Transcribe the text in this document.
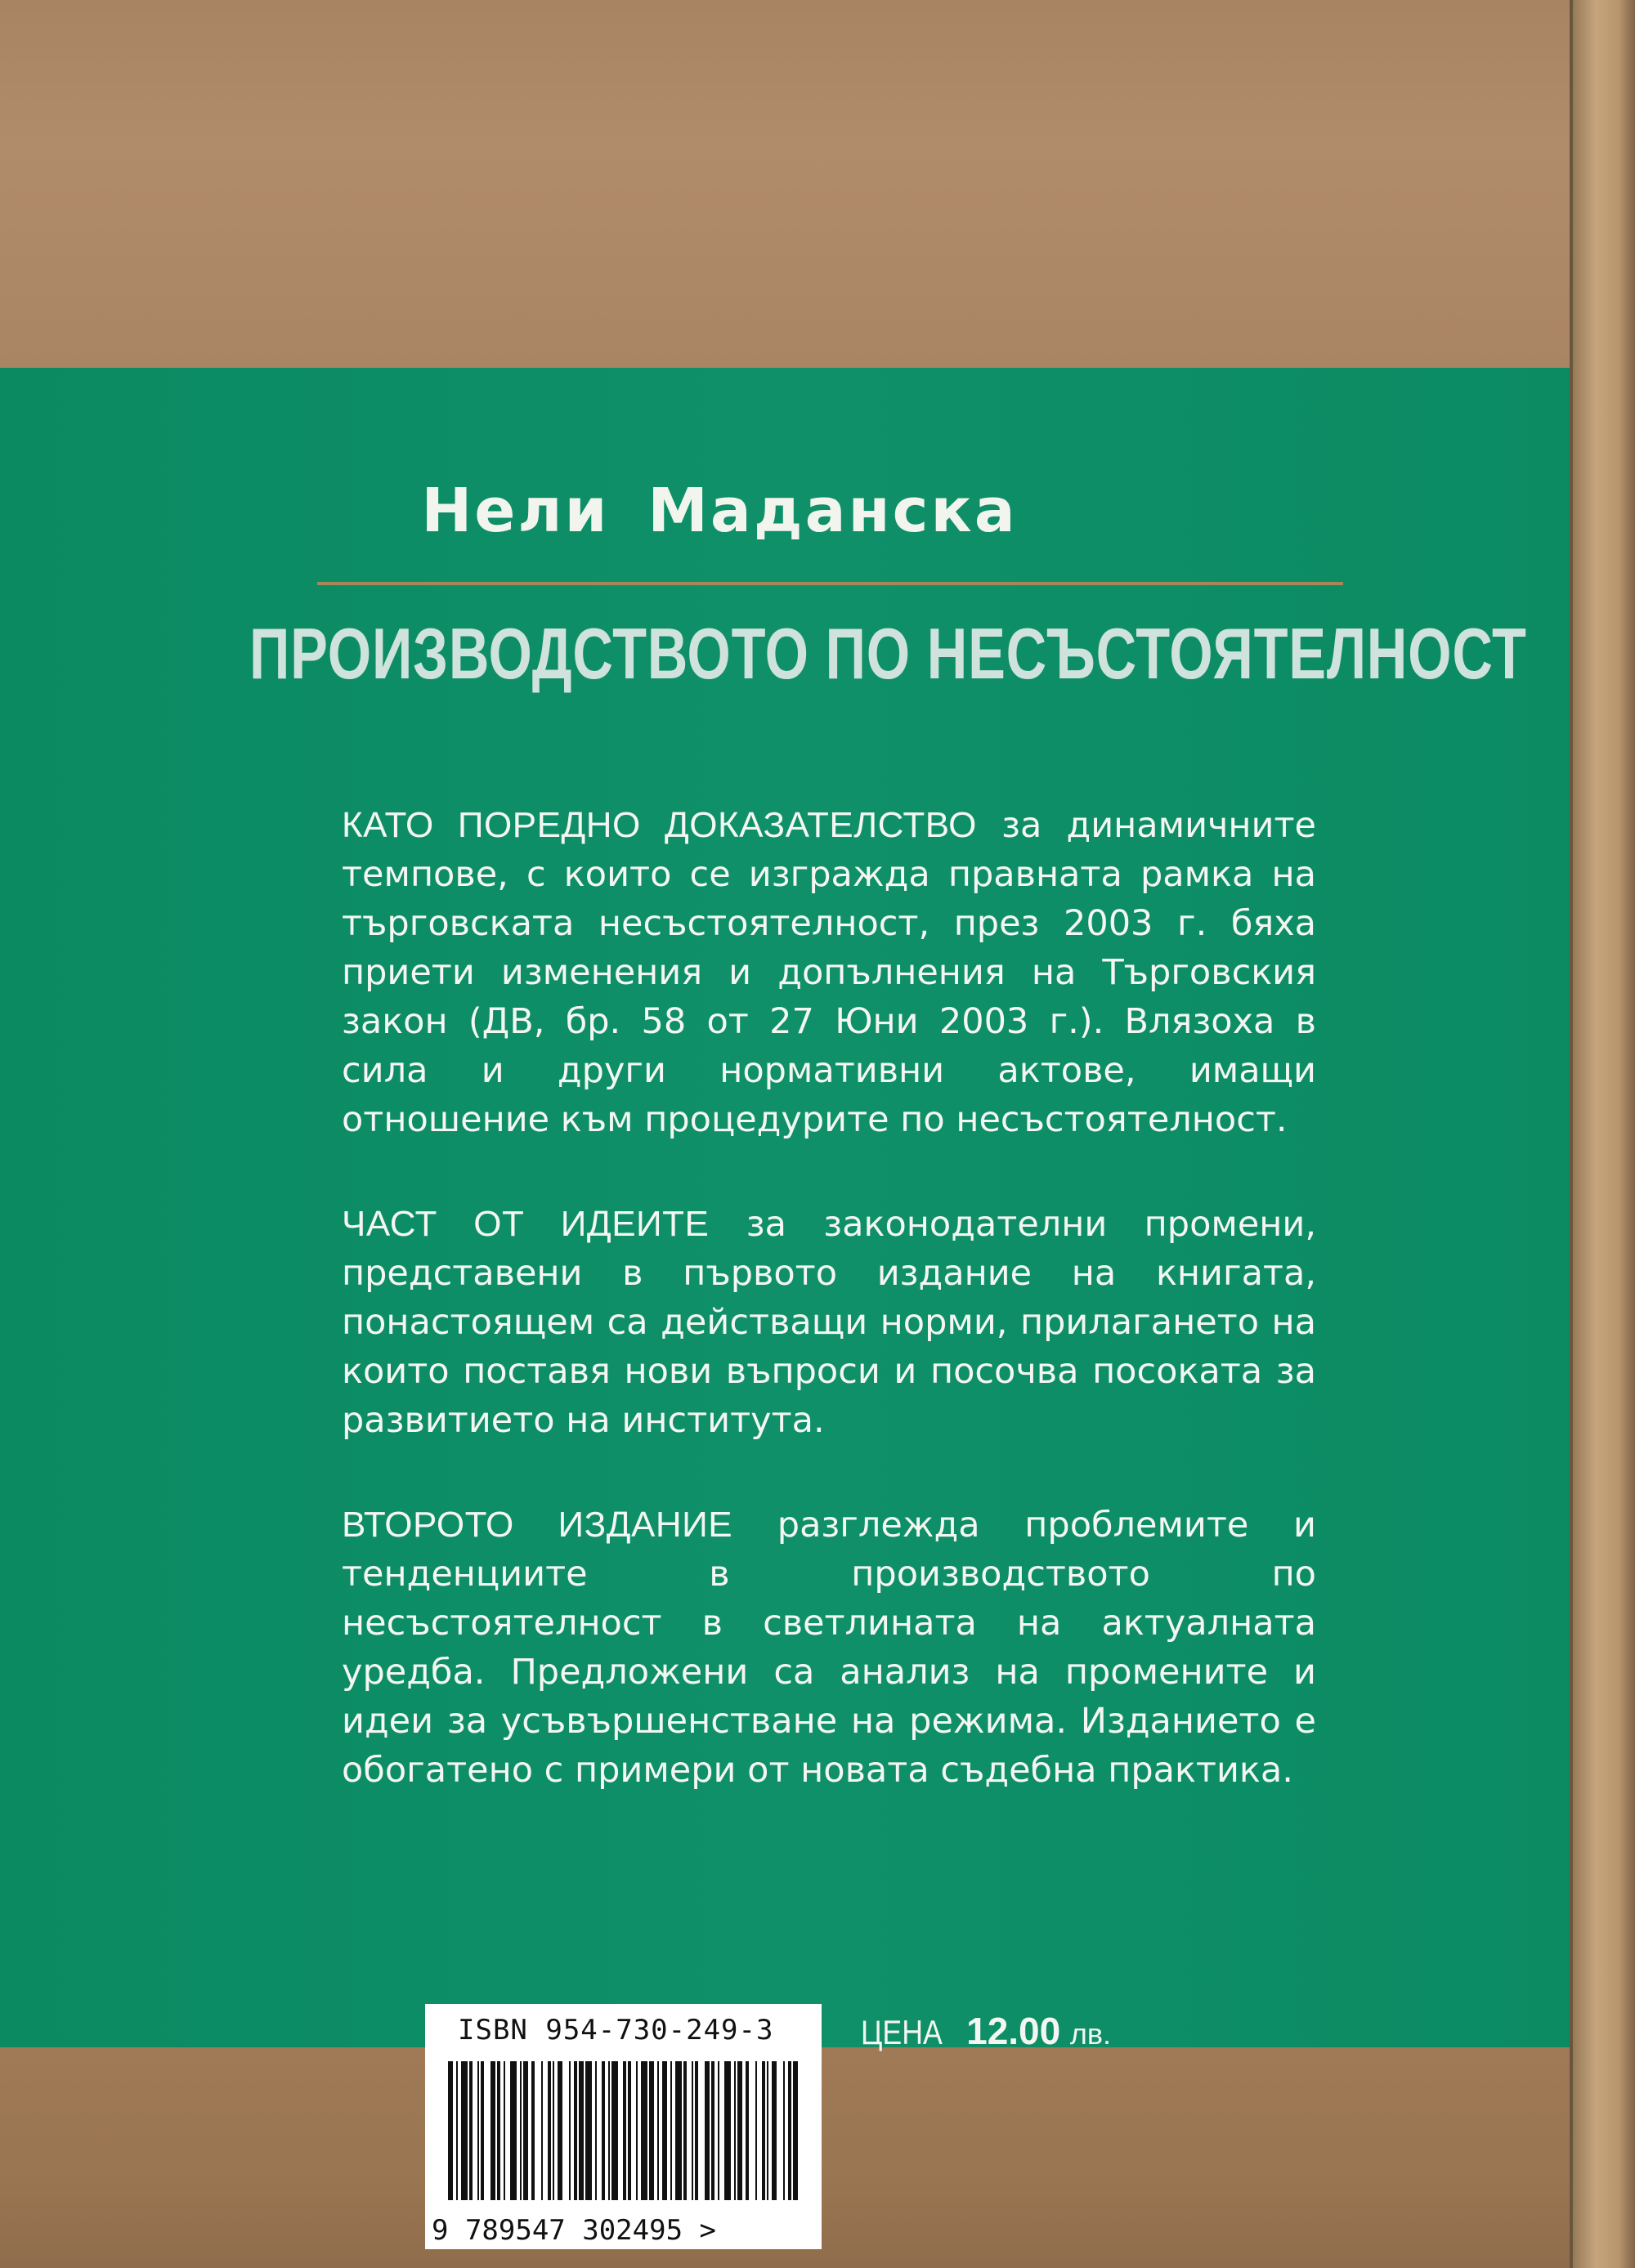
Нели Маданска
ПРОИЗВОДСТВОТО ПО НЕСЪСТОЯТЕЛНОСТ

КАТО ПОРЕДНО ДОКАЗАТЕЛСТВО за динамичните темпове, с които се изгражда правната рамка на търговската несъстоятелност, през 2003 г. бяха приети изменения и допълнения на Търговския закон (ДВ, бр. 58 от 27 Юни 2003 г.). Влязоха в сила и други нормативни актове, имащи отношение към процедурите по несъстоятелност.

ЧАСТ ОТ ИДЕИТЕ за законодателни промени, представени в първото издание на книгата, понастоящем са действащи норми, прилагането на които поставя нови въпроси и посочва посоката за развитието на института.

ВТОРОТО ИЗДАНИЕ разглежда проблемите и тенденциите в производството по несъстоятелност в светлината на актуалната уредба. Предложени са анализ на промените и идеи за усъвършенстване на режима. Изданието е обогатено с примери от новата съдебна практика.

ISBN 954-730-249-3
9 789547 302495 >
ЦЕНА 12.00 лв.
